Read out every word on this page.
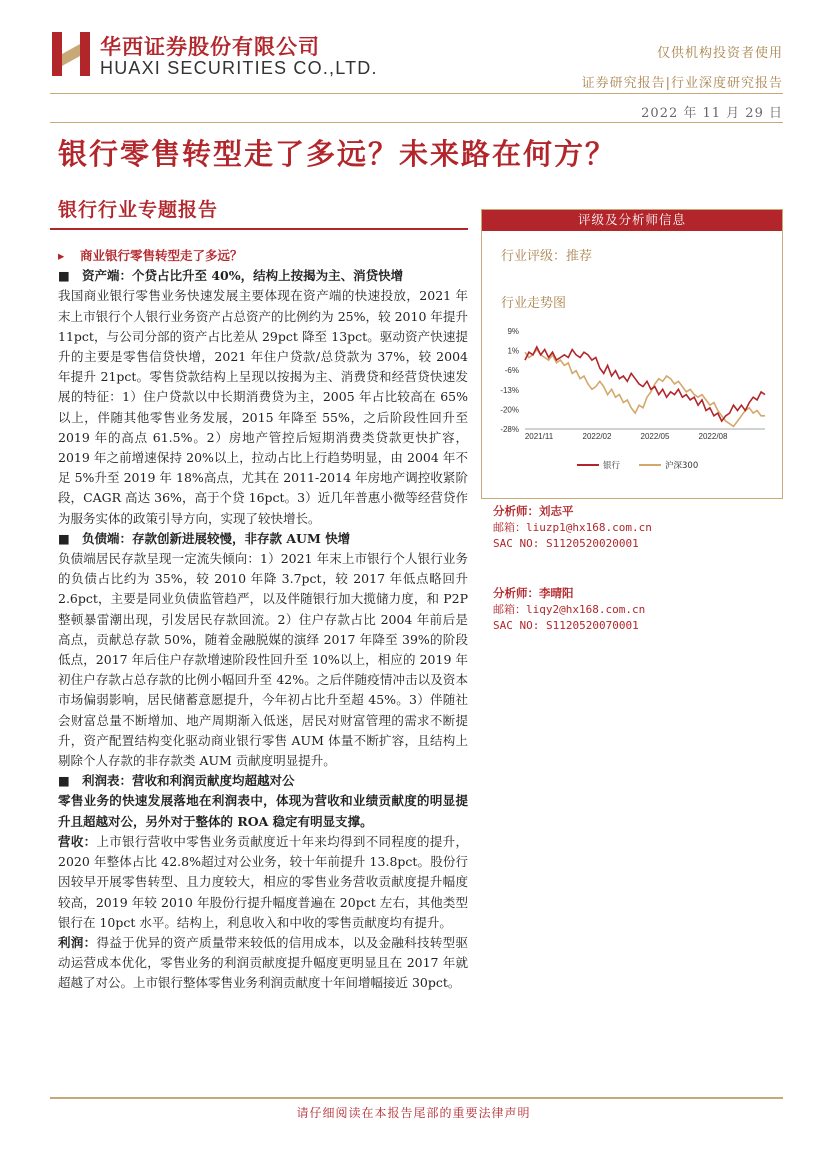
华西证券股份有限公司
HUAXI SECURITIES CO.,LTD.
仅供机构投资者使用
证券研究报告|行业深度研究报告
2022 年 11 月 29 日
银行零售转型走了多远？未来路在何方？
银行行业专题报告
▸ 商业银行零售转型走了多远？
■ 资产端：个贷占比升至 40%，结构上按揭为主、消贷快增

我国商业银行零售业务快速发展主要体现在资产端的快速投放，2021 年末上市银行个人银行业务资产占总资产的比例约为 25%，较 2010 年提升 11pct，与公司分部的资产占比差从 29pct 降至 13pct。驱动资产快速提升的主要是零售信贷快增，2021 年住户贷款/总贷款为 37%，较 2004 年提升 21pct。零售贷款结构上呈现以按揭为主、消费贷和经营贷快速发展的特征：1）住户贷款以中长期消费贷为主，2005 年占比较高在 65%以上，伴随其他零售业务发展，2015 年降至 55%，之后阶段性回升至 2019 年的高点 61.5%。2）房地产管控后短期消费类贷款更快扩容，2019 年之前增速保持 20%以上，拉动占比上行趋势明显，由 2004 年不足 5%升至 2019 年 18%高点，尤其在 2011-2014 年房地产调控收紧阶段，CAGR 高达 36%，高于个贷 16pct。3）近几年普惠小微等经营贷作为服务实体的政策引导方向，实现了较快增长。

■ 负债端：存款创新进展较慢，非存款 AUM 快增

负债端居民存款呈现一定流失倾向：1）2021 年末上市银行个人银行业务的负债占比约为 35%，较 2010 年降 3.7pct，较 2017 年低点略回升 2.6pct，主要是同业负债监管趋严，以及伴随银行加大揽储力度，和 P2P 整顿暴雷潮出现，引发居民存款回流。2）住户存款占比 2004 年前后是高点，贡献总存款 50%，随着金融脱媒的演绎 2017 年降至 39%的阶段低点，2017 年后住户存款增速阶段性回升至 10%以上，相应的 2019 年初住户存款占总存款的比例小幅回升至 42%。之后伴随疫情冲击以及资本市场偏弱影响，居民储蓄意愿提升，今年初占比升至超 45%。3）伴随社会财富总量不断增加、地产周期渐入低迷，居民对财富管理的需求不断提升，资产配置结构变化驱动商业银行零售 AUM 体量不断扩容，且结构上剔除个人存款的非存款类 AUM 贡献度明显提升。

■ 利润表：营收和利润贡献度均超越对公

零售业务的快速发展落地在利润表中，体现为营收和业绩贡献度的明显提升且超越对公，另外对于整体的 ROA 稳定有明显支撑。

营收：上市银行营收中零售业务贡献度近十年来均得到不同程度的提升，2020 年整体占比 42.8%超过对公业务，较十年前提升 13.8pct。股份行因较早开展零售转型、且力度较大，相应的零售业务营收贡献度提升幅度较高，2019 年较 2010 年股份行提升幅度普遍在 20pct 左右，其他类型银行在 10pct 水平。结构上，利息收入和中收的零售贡献度均有提升。

利润：得益于优异的资产质量带来较低的信用成本，以及金融科技转型驱动运营成本优化，零售业务的利润贡献度提升幅度更明显且在 2017 年就超越了对公。上市银行整体零售业务利润贡献度十年间增幅接近 30pct。

评级及分析师信息
行业评级：推荐
行业走势图
9%
1%
-6%
-13%
-20%
-28%
2021/11	2022/02	2022/05	2022/08
银行	沪深300
分析师：刘志平
邮箱：liuzp1@hx168.com.cn
SAC NO: S1120520020001
分析师：李晴阳
邮箱：liqy2@hx168.com.cn
SAC NO: S1120520070001
请仔细阅读在本报告尾部的重要法律声明
